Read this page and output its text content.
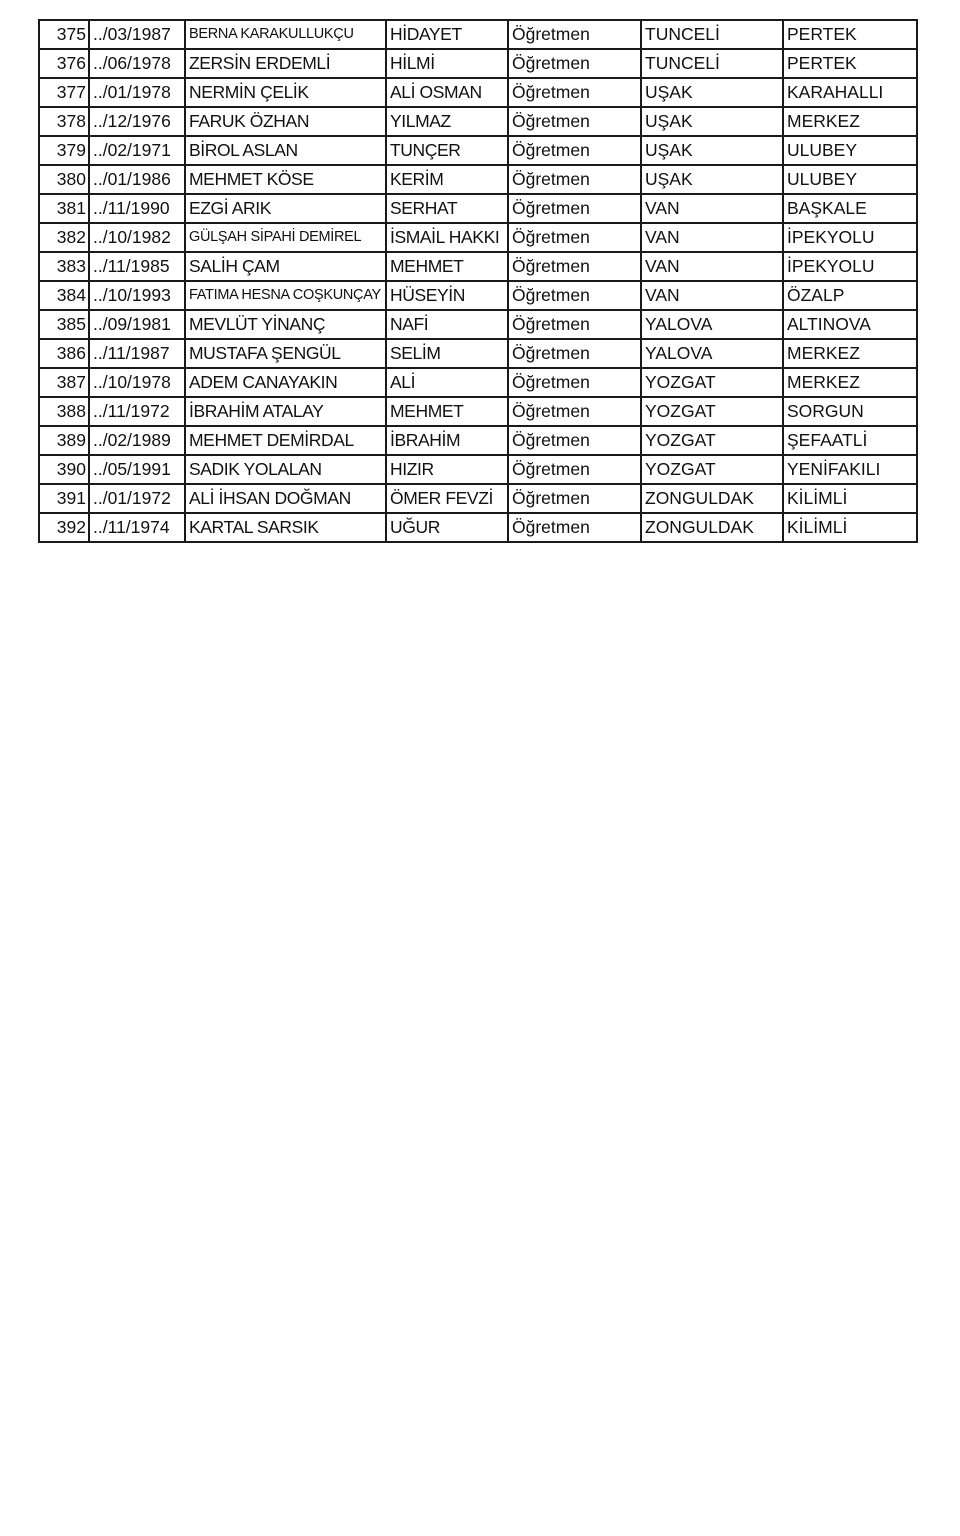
375	../03/1987	BERNA KARAKULLUKÇU	HİDAYET	Öğretmen	TUNCELİ	PERTEK
376	../06/1978	ZERSİN ERDEMLİ	HİLMİ	Öğretmen	TUNCELİ	PERTEK
377	../01/1978	NERMİN ÇELİK	ALİ OSMAN	Öğretmen	UŞAK	KARAHALLI
378	../12/1976	FARUK ÖZHAN	YILMAZ	Öğretmen	UŞAK	MERKEZ
379	../02/1971	BİROL ASLAN	TUNÇER	Öğretmen	UŞAK	ULUBEY
380	../01/1986	MEHMET KÖSE	KERİM	Öğretmen	UŞAK	ULUBEY
381	../11/1990	EZGİ ARIK	SERHAT	Öğretmen	VAN	BAŞKALE
382	../10/1982	GÜLŞAH SİPAHİ DEMİREL	İSMAİL HAKKI	Öğretmen	VAN	İPEKYOLU
383	../11/1985	SALİH ÇAM	MEHMET	Öğretmen	VAN	İPEKYOLU
384	../10/1993	FATIMA HESNA COŞKUNÇAY	HÜSEYİN	Öğretmen	VAN	ÖZALP
385	../09/1981	MEVLÜT YİNANÇ	NAFİ	Öğretmen	YALOVA	ALTINOVA
386	../11/1987	MUSTAFA ŞENGÜL	SELİM	Öğretmen	YALOVA	MERKEZ
387	../10/1978	ADEM CANAYAKIN	ALİ	Öğretmen	YOZGAT	MERKEZ
388	../11/1972	İBRAHİM ATALAY	MEHMET	Öğretmen	YOZGAT	SORGUN
389	../02/1989	MEHMET DEMİRDAL	İBRAHİM	Öğretmen	YOZGAT	ŞEFAATLİ
390	../05/1991	SADIK YOLALAN	HIZIR	Öğretmen	YOZGAT	YENİFAKILI
391	../01/1972	ALİ İHSAN DOĞMAN	ÖMER FEVZİ	Öğretmen	ZONGULDAK	KİLİMLİ
392	../11/1974	KARTAL SARSIK	UĞUR	Öğretmen	ZONGULDAK	KİLİMLİ
